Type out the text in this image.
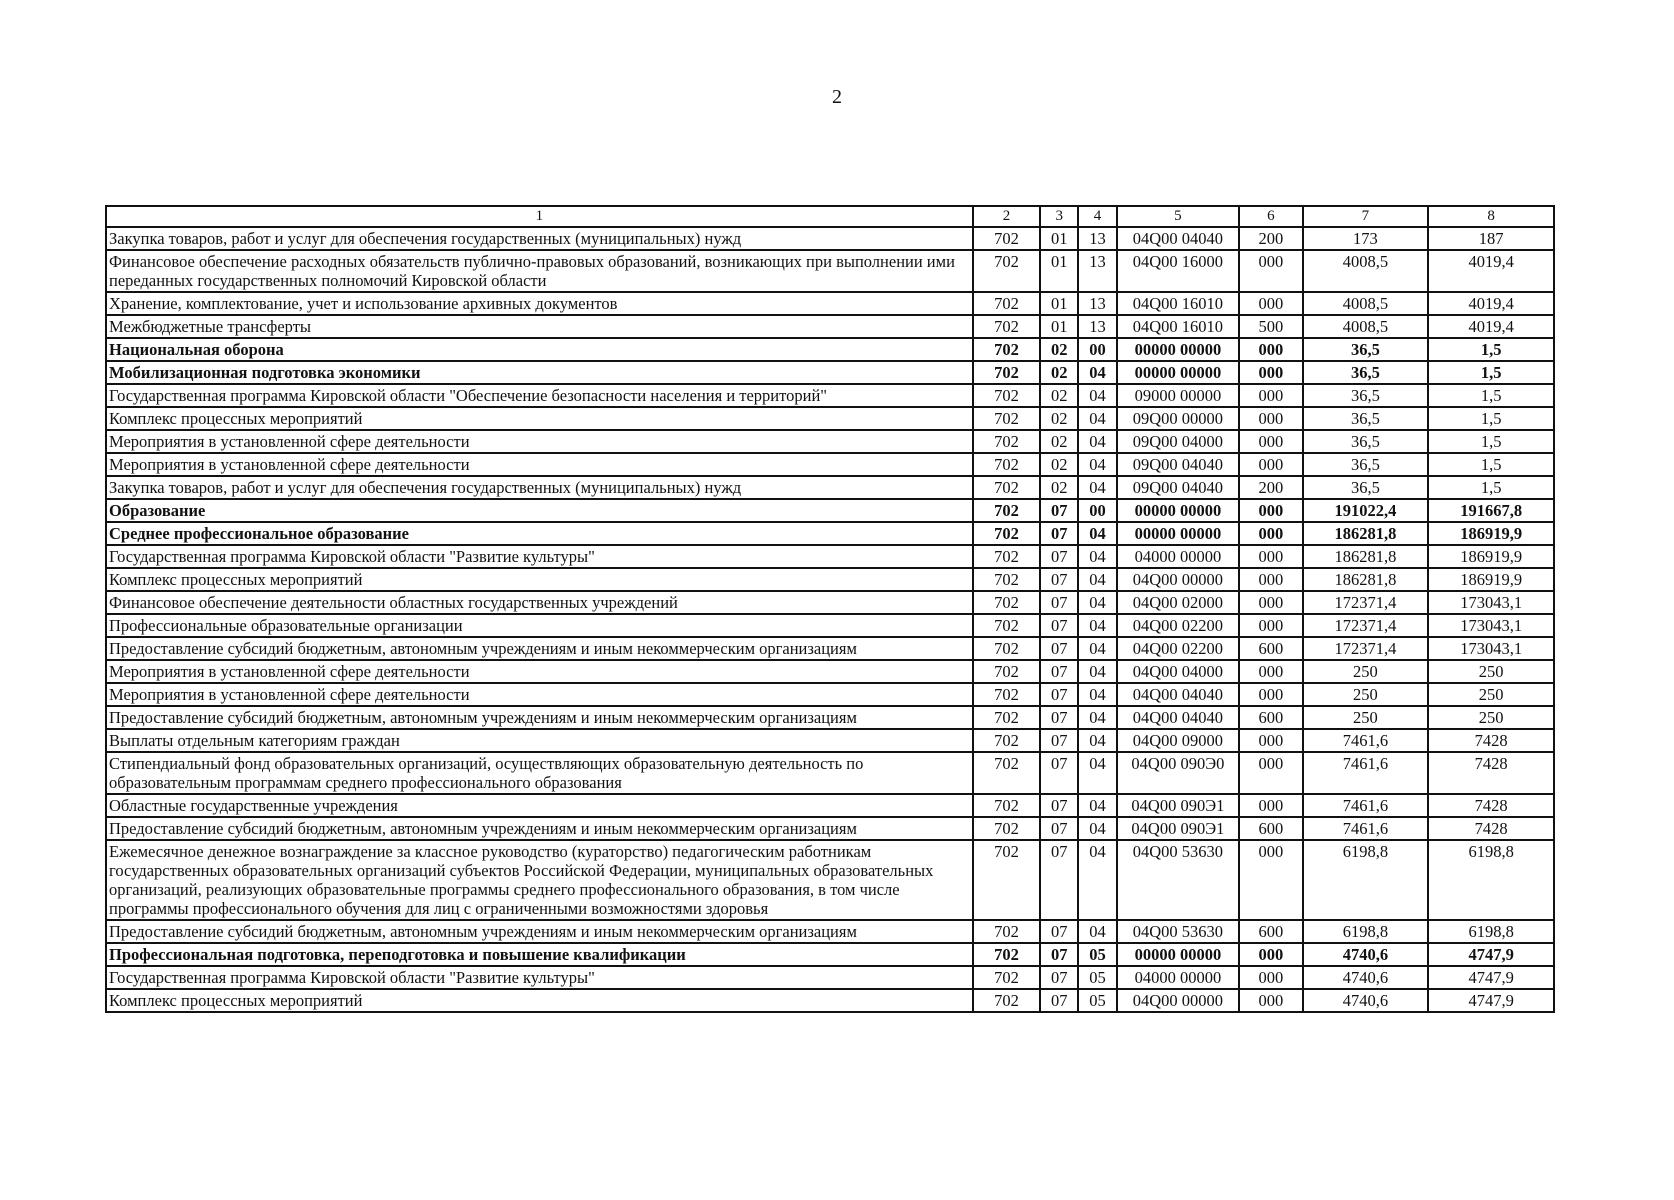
2
1	2	3	4	5	6	7	8
Закупка товаров, работ и услуг для обеспечения государственных (муниципальных) нужд	702	01	13	04Q00 04040	200	173	187
Финансовое обеспечение расходных обязательств публично-правовых образований, возникающих при выполнении ими переданных государственных полномочий Кировской области	702	01	13	04Q00 16000	000	4008,5	4019,4
Хранение, комплектование, учет и использование архивных документов	702	01	13	04Q00 16010	000	4008,5	4019,4
Межбюджетные трансферты	702	01	13	04Q00 16010	500	4008,5	4019,4
Национальная оборона	702	02	00	00000 00000	000	36,5	1,5
Мобилизационная подготовка экономики	702	02	04	00000 00000	000	36,5	1,5
Государственная программа Кировской области "Обеспечение безопасности населения и территорий"	702	02	04	09000 00000	000	36,5	1,5
Комплекс процессных мероприятий	702	02	04	09Q00 00000	000	36,5	1,5
Мероприятия в установленной сфере деятельности	702	02	04	09Q00 04000	000	36,5	1,5
Мероприятия в установленной сфере деятельности	702	02	04	09Q00 04040	000	36,5	1,5
Закупка товаров, работ и услуг для обеспечения государственных (муниципальных) нужд	702	02	04	09Q00 04040	200	36,5	1,5
Образование	702	07	00	00000 00000	000	191022,4	191667,8
Среднее профессиональное образование	702	07	04	00000 00000	000	186281,8	186919,9
Государственная программа Кировской области "Развитие культуры"	702	07	04	04000 00000	000	186281,8	186919,9
Комплекс процессных мероприятий	702	07	04	04Q00 00000	000	186281,8	186919,9
Финансовое обеспечение деятельности областных государственных учреждений	702	07	04	04Q00 02000	000	172371,4	173043,1
Профессиональные образовательные организации	702	07	04	04Q00 02200	000	172371,4	173043,1
Предоставление субсидий бюджетным, автономным учреждениям и иным некоммерческим организациям	702	07	04	04Q00 02200	600	172371,4	173043,1
Мероприятия в установленной сфере деятельности	702	07	04	04Q00 04000	000	250	250
Мероприятия в установленной сфере деятельности	702	07	04	04Q00 04040	000	250	250
Предоставление субсидий бюджетным, автономным учреждениям и иным некоммерческим организациям	702	07	04	04Q00 04040	600	250	250
Выплаты отдельным категориям граждан	702	07	04	04Q00 09000	000	7461,6	7428
Стипендиальный фонд образовательных организаций, осуществляющих образовательную деятельность по образовательным программам среднего профессионального образования	702	07	04	04Q00 090Э0	000	7461,6	7428
Областные государственные учреждения	702	07	04	04Q00 090Э1	000	7461,6	7428
Предоставление субсидий бюджетным, автономным учреждениям и иным некоммерческим организациям	702	07	04	04Q00 090Э1	600	7461,6	7428
Ежемесячное денежное вознаграждение за классное руководство (кураторство) педагогическим работникам государственных образовательных организаций субъектов Российской Федерации, муниципальных образовательных организаций, реализующих образовательные программы среднего профессионального образования, в том числе программы профессионального обучения для лиц с ограниченными возможностями здоровья	702	07	04	04Q00 53630	000	6198,8	6198,8
Предоставление субсидий бюджетным, автономным учреждениям и иным некоммерческим организациям	702	07	04	04Q00 53630	600	6198,8	6198,8
Профессиональная подготовка, переподготовка и повышение квалификации	702	07	05	00000 00000	000	4740,6	4747,9
Государственная программа Кировской области "Развитие культуры"	702	07	05	04000 00000	000	4740,6	4747,9
Комплекс процессных мероприятий	702	07	05	04Q00 00000	000	4740,6	4747,9
